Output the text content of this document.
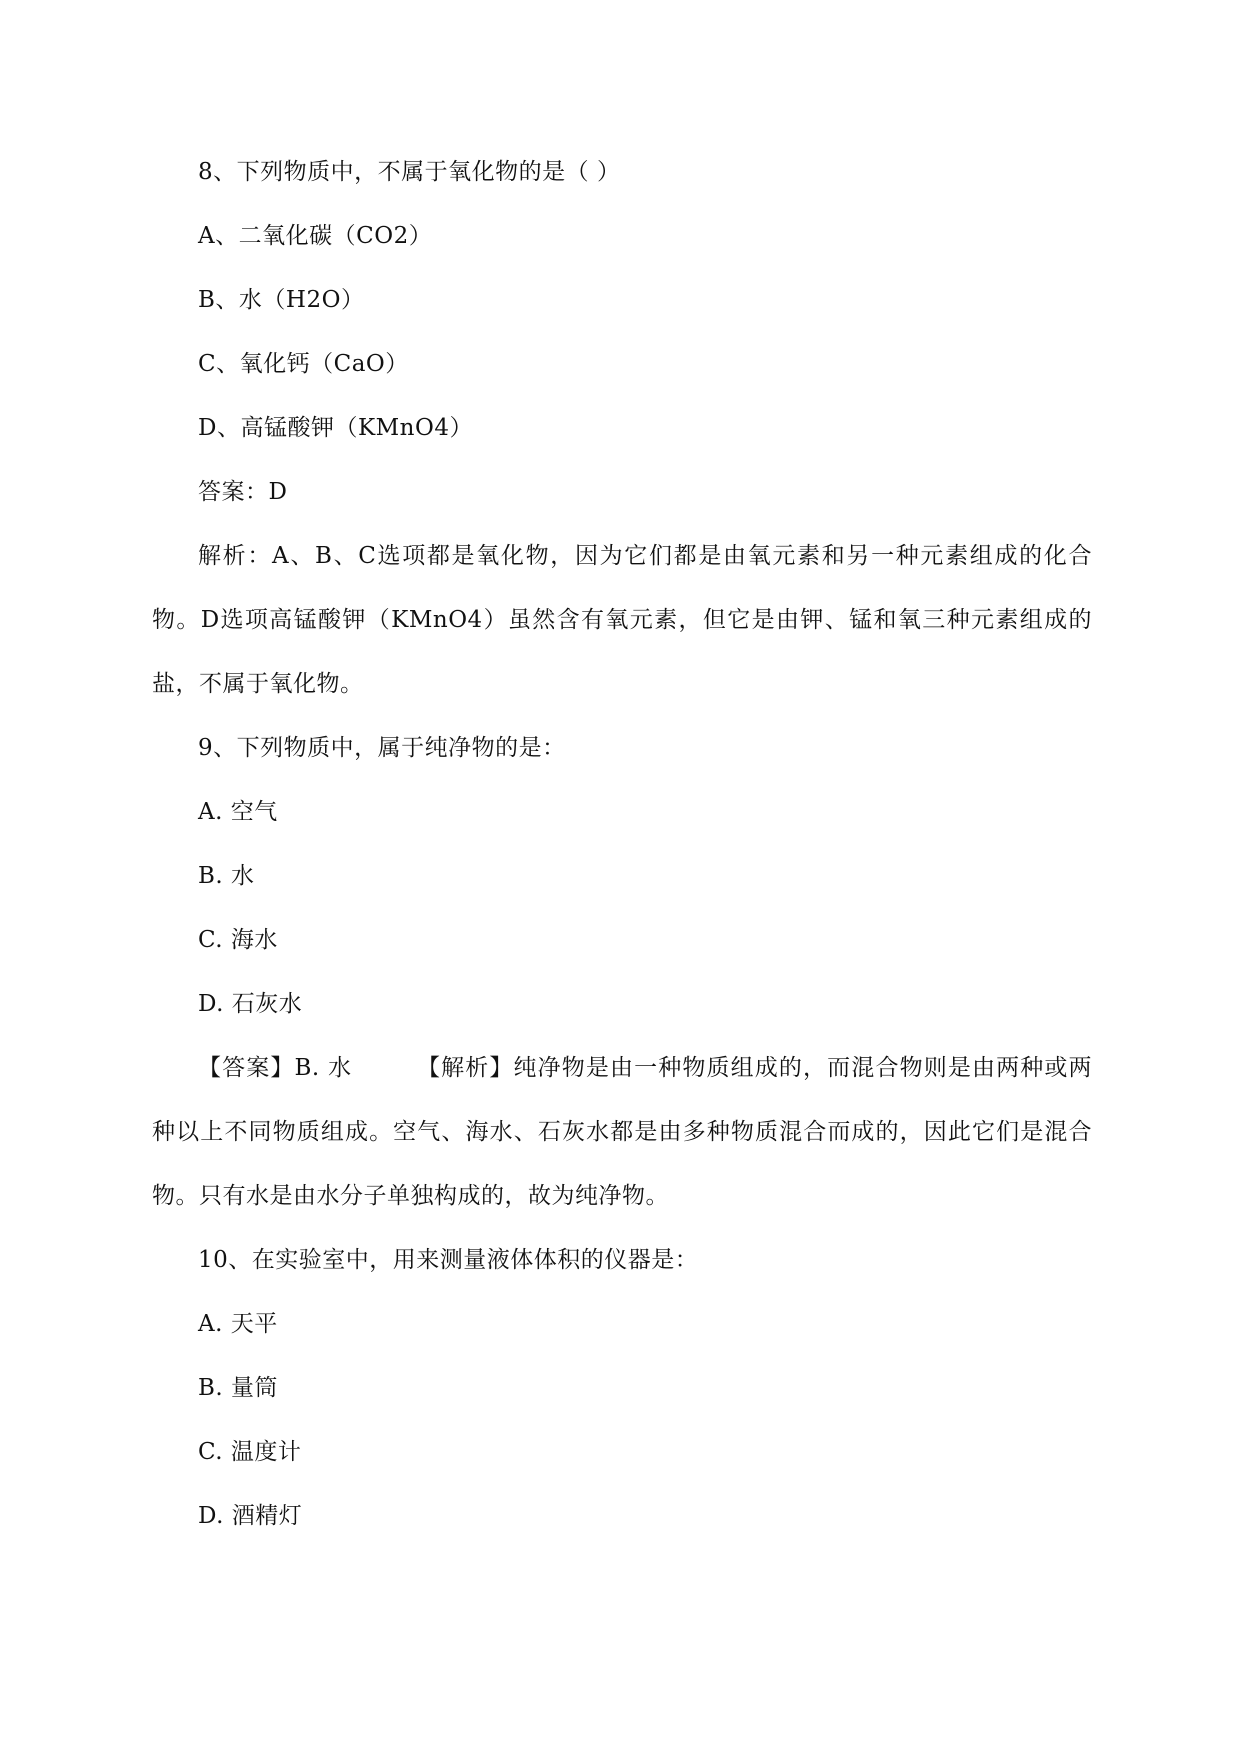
8、下列物质中，不属于氧化物的是（ ）
A、二氧化碳（CO2）
B、水（H2O）
C、氧化钙（CaO）
D、高锰酸钾（KMnO4）
答案：D
解析：A、B、C选项都是氧化物，因为它们都是由氧元素和另一种元素组成的化合物。D选项高锰酸钾（KMnO4）虽然含有氧元素，但它是由钾、锰和氧三种元素组成的盐，不属于氧化物。
9、下列物质中，属于纯净物的是：
A. 空气
B. 水
C. 海水
D. 石灰水
【答案】B. 水	【解析】纯净物是由一种物质组成的，而混合物则是由两种或两种以上不同物质组成。空气、海水、石灰水都是由多种物质混合而成的，因此它们是混合物。只有水是由水分子单独构成的，故为纯净物。
10、在实验室中，用来测量液体体积的仪器是：
A. 天平
B. 量筒
C. 温度计
D. 酒精灯
